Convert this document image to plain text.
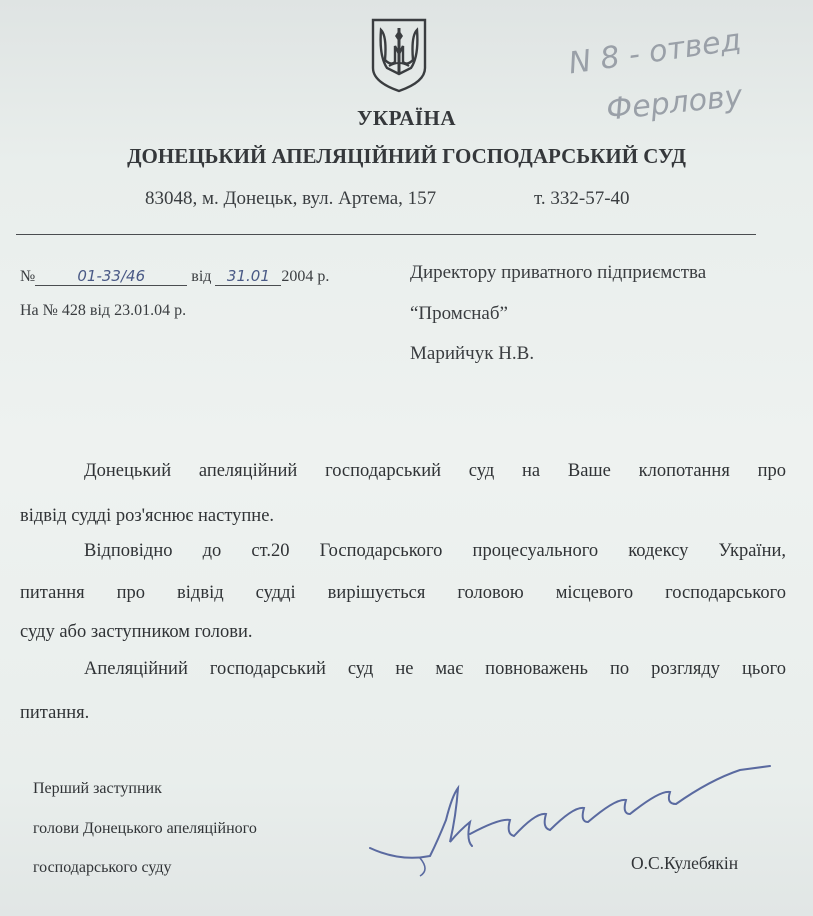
N 8 - отвед
Ферлову
УКРАЇНА
ДОНЕЦЬКИЙ АПЕЛЯЦІЙНИЙ ГОСПОДАРСЬКИЙ СУД
83048, м. Донецьк, вул. Артема, 157	т. 332-57-40
№	01-33/46	від 31.01 2004 р.
На № 428 від 23.01.04 р.
Директору приватного підприємства
“Промснаб”
Марийчук Н.В.
Донецький апеляційний господарський суд на Ваше клопотання про
відвід судді роз'яснює наступне.
Відповідно до ст.20 Господарського процесуального кодексу України,
питання про відвід судді вирішується головою місцевого господарського
суду або заступником голови.
Апеляційний господарський суд не має повноважень по розгляду цього
питання.
Перший заступник
голови Донецького апеляційного
господарського суду	О.С.Кулебякін
